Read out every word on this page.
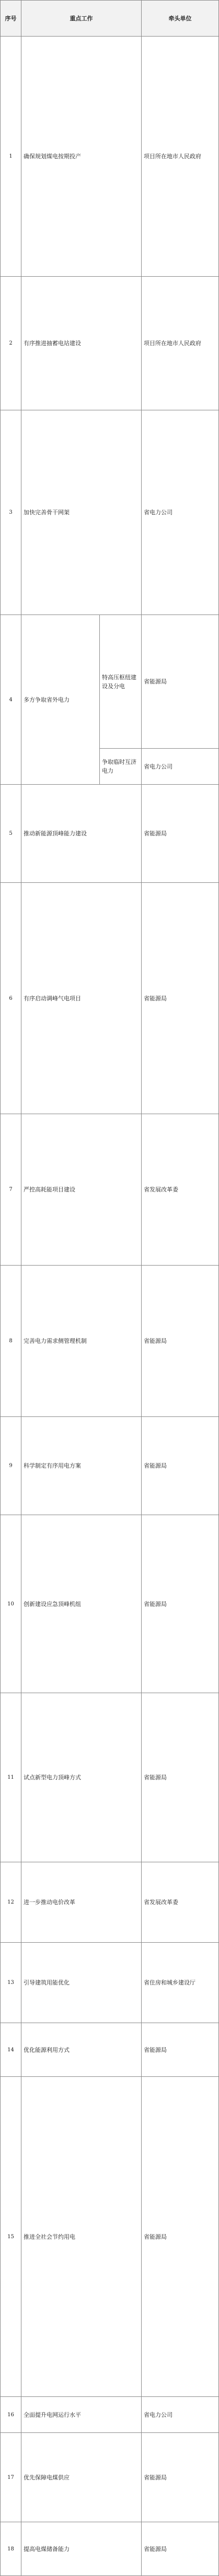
序号	重点工作		牵头单位	
1	确保规划煤电按期投产		项目所在地市人民政府	
2	有序推进抽蓄电站建设		项目所在地市人民政府	
3	加快完善骨干网架		省电力公司	
4	多方争取省外电力	特高压枢纽建设及分电	省能源局	
		争取临时互济电力	省电力公司	
5	推动新能源顶峰能力建设		省能源局	
6	有序启动调峰气电项目		省能源局	
7	严控高耗能项目建设		省发展改革委	
8	完善电力需求侧管理机制		省能源局	
9	科学制定有序用电方案		省能源局	
10	创新建设应急顶峰机组		省能源局	
11	试点新型电力顶峰方式		省能源局	
12	进一步推动电价改革		省发展改革委	
13	引导建筑用能优化		省住房和城乡建设厅	
14	优化能源利用方式		省能源局	
15	推进全社会节约用电		省能源局	
16	全面提升电网运行水平		省电力公司	
17	优先保障电煤供应		省能源局	
18	提高电煤储备能力		省能源局	
